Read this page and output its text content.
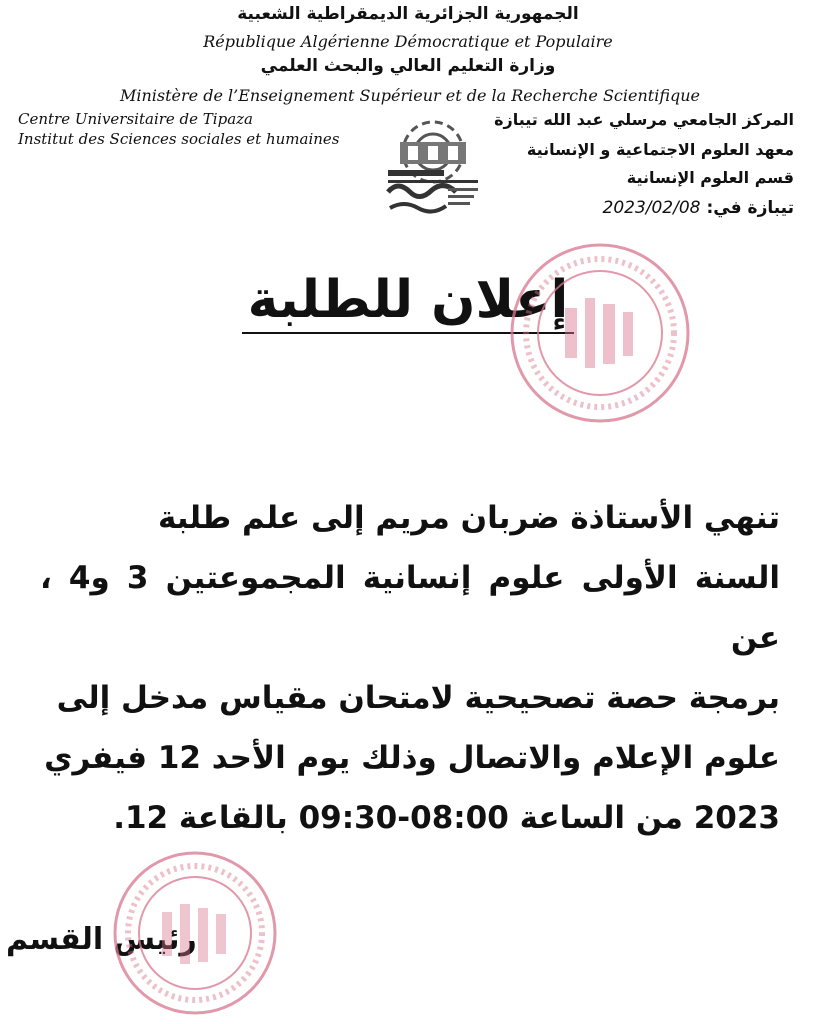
الجمهورية الجزائرية الديمقراطية الشعبية
République Algérienne Démocratique et Populaire
وزارة التعليم العالي والبحث العلمي
Ministère de l’Enseignement Supérieur et de la Recherche Scientifique
Centre Universitaire de Tipaza
Institut des Sciences sociales et humaines
المركز الجامعي مرسلي عبد الله تيبازة
معهد العلوم الاجتماعية و الإنسانية
قسم العلوم الإنسانية
تيبازة في:
2023/02/08
إعلان للطلبة

تنهي الأستاذة ضربان مريم إلى علم طلبة

السنة الأولى علوم إنسانية المجموعتين 3 و4 ، عن

برمجة حصة تصحيحية لامتحان مقياس مدخل إلى

علوم الإعلام والاتصال وذلك يوم الأحد 12 فيفري

2023 من الساعة 08:00-09:30 بالقاعة 12.

رئيس القسم
